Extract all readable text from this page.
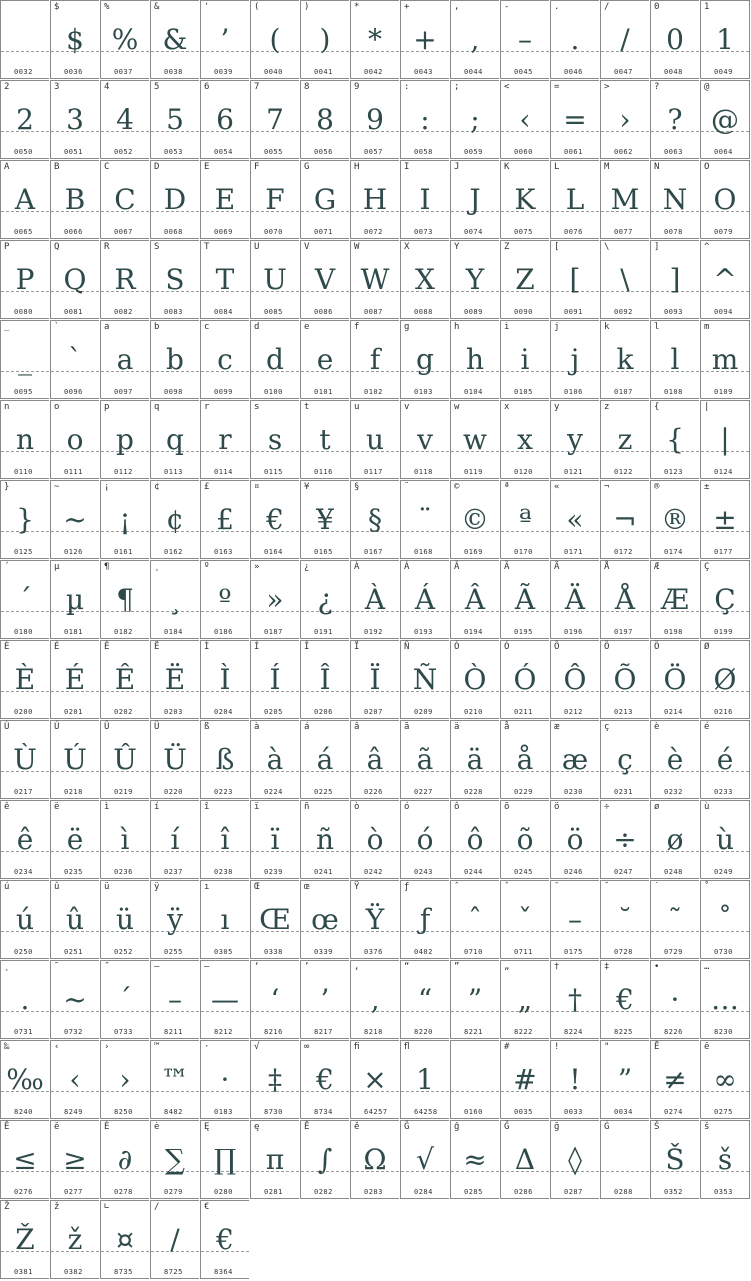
0032
$
$
0036
%
%
0037
&
&
0038
'
’
0039
(
(
0040
)
)
0041
*
*
0042
+
+
0043
,
,
0044
-
–
0045
.
.
0046
/
/
0047
0
0
0048
1
1
0049
2
2
0050
3
3
0051
4
4
0052
5
5
0053
6
6
0054
7
7
0055
8
8
0056
9
9
0057
:
:
0058
;
;
0059
<
‹
0060
=
=
0061
>
›
0062
?
?
0063
@
@
0064
A
A
0065
B
B
0066
C
C
0067
D
D
0068
E
E
0069
F
F
0070
G
G
0071
H
H
0072
I
I
0073
J
J
0074
K
K
0075
L
L
0076
M
M
0077
N
N
0078
O
O
0079
P
P
0080
Q
Q
0081
R
R
0082
S
S
0083
T
T
0084
U
U
0085
V
V
0086
W
W
0087
X
X
0088
Y
Y
0089
Z
Z
0090
[
[
0091
\
\
0092
]
]
0093
^
^
0094
_
_
0095
`
`
0096
a
a
0097
b
b
0098
c
c
0099
d
d
0100
e
e
0101
f
f
0102
g
g
0103
h
h
0104
i
i
0105
j
j
0106
k
k
0107
l
l
0108
m
m
0109
n
n
0110
o
o
0111
p
p
0112
q
q
0113
r
r
0114
s
s
0115
t
t
0116
u
u
0117
v
v
0118
w
w
0119
x
x
0120
y
y
0121
z
z
0122
{
{
0123
|
|
0124
}
}
0125
~
~
0126
¡
¡
0161
¢
¢
0162
£
£
0163
¤
€
0164
¥
¥
0165
§
§
0167
¨
¨
0168
©
©
0169
ª
ª
0170
«
«
0171
¬
¬
0172
®
®
0174
±
±
0177
´
´
0180
µ
µ
0181
¶
¶
0182
¸
¸
0184
º
º
0186
»
»
0187
¿
¿
0191
À
À
0192
Á
Á
0193
Â
Â
0194
Ã
Ã
0195
Ä
Ä
0196
Å
Å
0197
Æ
Æ
0198
Ç
Ç
0199
È
È
0200
É
É
0201
Ê
Ê
0202
Ë
Ë
0203
Ì
Ì
0204
Í
Í
0205
Î
Î
0206
Ï
Ï
0207
Ñ
Ñ
0209
Ò
Ò
0210
Ó
Ó
0211
Ô
Ô
0212
Õ
Õ
0213
Ö
Ö
0214
Ø
Ø
0216
Ù
Ù
0217
Ú
Ú
0218
Û
Û
0219
Ü
Ü
0220
ß
ß
0223
à
à
0224
á
á
0225
â
â
0226
ã
ã
0227
ä
ä
0228
å
å
0229
æ
æ
0230
ç
ç
0231
è
è
0232
é
é
0233
ê
ê
0234
ë
ë
0235
ì
ì
0236
í
í
0237
î
î
0238
ï
ï
0239
ñ
ñ
0241
ò
ò
0242
ó
ó
0243
ô
ô
0244
õ
õ
0245
ö
ö
0246
÷
÷
0247
ø
ø
0248
ù
ù
0249
ú
ú
0250
û
û
0251
ü
ü
0252
ÿ
ÿ
0255
ı
ı
0305
Œ
Œ
0338
œ
œ
0339
Ÿ
Ÿ
0376
ƒ
ƒ
0402
ˆ
ˆ
0710
ˇ
ˇ
0711
¯
–
0175
˘
˘
0728
˙
˜
0729
˚
˚
0730
˛
.
0731
˜
~
0732
˝
´
0733
–
–
8211
—
—
8212
‘
‘
8216
’
’
8217
‚
‚
8218
“
“
8220
”
”
8221
„
„
8222
†
†
8224
‡
€
8225
•
·
8226
…
…
8230
‰
‰
8240
‹
‹
8249
›
›
8250
™
™
8482
·
·
0183
√
‡
8730
∞
€
8734
ﬁ
×
64257
ﬂ
1
64258	0160
#
#
0035
!
!
0033
"
”
0034
Ē
≠
0274
ē
∞
0275
Ĕ
≤
0276
ĕ
≥
0277
Ė
∂
0278
ė
∑
0279
Ę
∏
0280
ę
π
0281
Ě
∫
0282
ě
Ω
0283
Ĝ
√
0284
ĝ
≈
0285
Ğ
Δ
0286
ğ
◊
0287
Ġ
0288
Š
Š
0352
š
š
0353
Ž
Ž
0381
ž
ž
0382
∟
¤
8735
∕
∕
8725
€
€
8364
